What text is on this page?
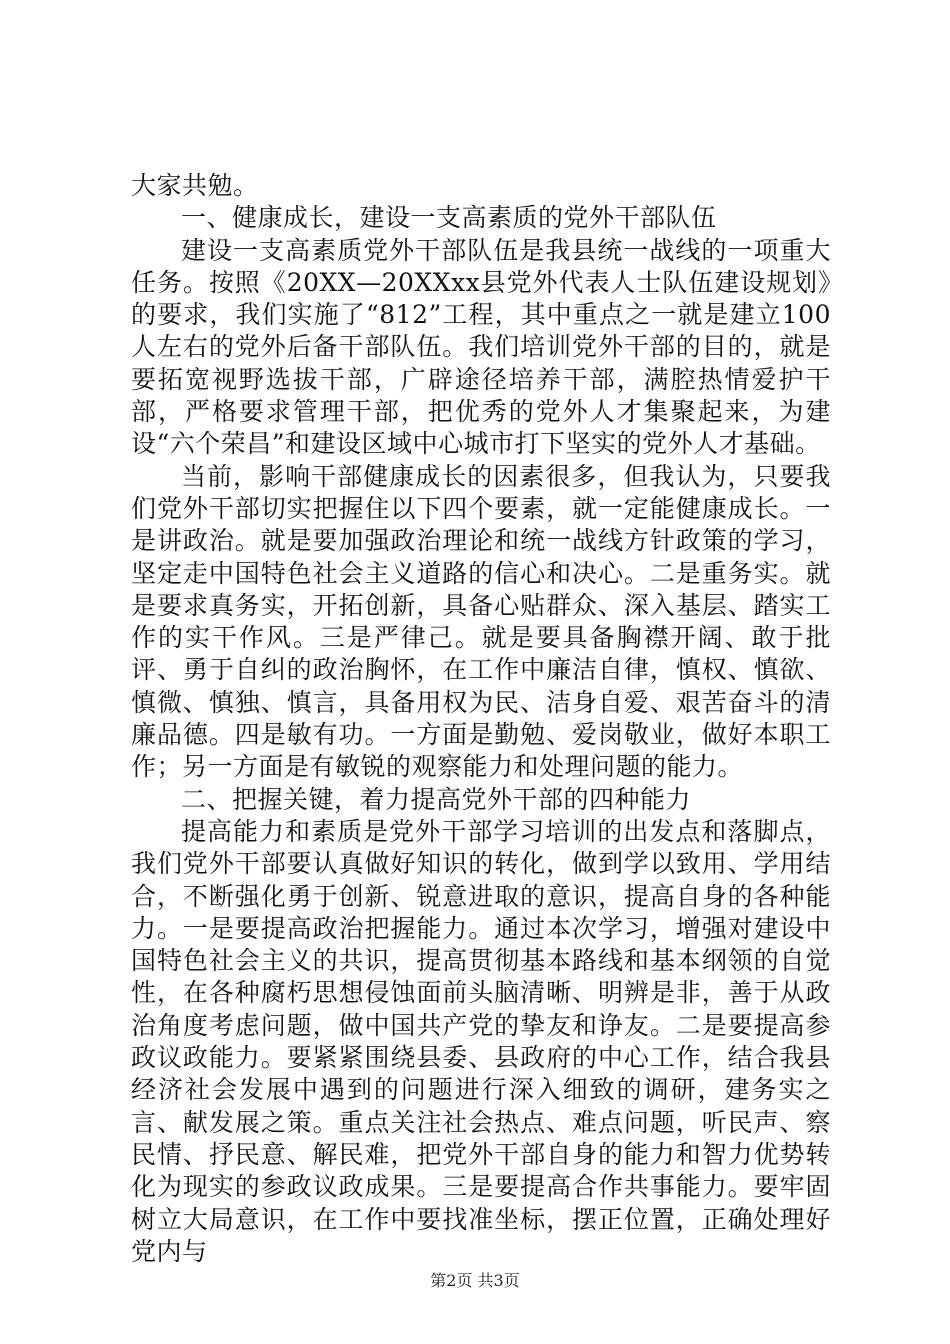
大家共勉。

一、健康成长，建设一支高素质的党外干部队伍

建设一支高素质党外干部队伍是我县统一战线的一项重大任务。按照《20XX—20XXxx县党外代表人士队伍建设规划》的要求，我们实施了“812”工程，其中重点之一就是建立100人左右的党外后备干部队伍。我们培训党外干部的目的，就是要拓宽视野选拔干部，广辟途径培养干部，满腔热情爱护干部，严格要求管理干部，把优秀的党外人才集聚起来，为建设“六个荣昌”和建设区域中心城市打下坚实的党外人才基础。

当前，影响干部健康成长的因素很多，但我认为，只要我们党外干部切实把握住以下四个要素，就一定能健康成长。一是讲政治。就是要加强政治理论和统一战线方针政策的学习，坚定走中国特色社会主义道路的信心和决心。二是重务实。就是要求真务实，开拓创新，具备心贴群众、深入基层、踏实工作的实干作风。三是严律己。就是要具备胸襟开阔、敢于批评、勇于自纠的政治胸怀，在工作中廉洁自律，慎权、慎欲、慎微、慎独、慎言，具备用权为民、洁身自爱、艰苦奋斗的清廉品德。四是敏有功。一方面是勤勉、爱岗敬业，做好本职工作；另一方面是有敏锐的观察能力和处理问题的能力。

二、把握关键，着力提高党外干部的四种能力

提高能力和素质是党外干部学习培训的出发点和落脚点，我们党外干部要认真做好知识的转化，做到学以致用、学用结合，不断强化勇于创新、锐意进取的意识，提高自身的各种能力。一是要提高政治把握能力。通过本次学习，增强对建设中国特色社会主义的共识，提高贯彻基本路线和基本纲领的自觉性，在各种腐朽思想侵蚀面前头脑清晰、明辨是非，善于从政治角度考虑问题，做中国共产党的挚友和诤友。二是要提高参政议政能力。要紧紧围绕县委、县政府的中心工作，结合我县经济社会发展中遇到的问题进行深入细致的调研，建务实之言、献发展之策。重点关注社会热点、难点问题，听民声、察民情、抒民意、解民难，把党外干部自身的能力和智力优势转化为现实的参政议政成果。三是要提高合作共事能力。要牢固树立大局意识，在工作中要找准坐标，摆正位置，正确处理好党内与

第2页 共3页
